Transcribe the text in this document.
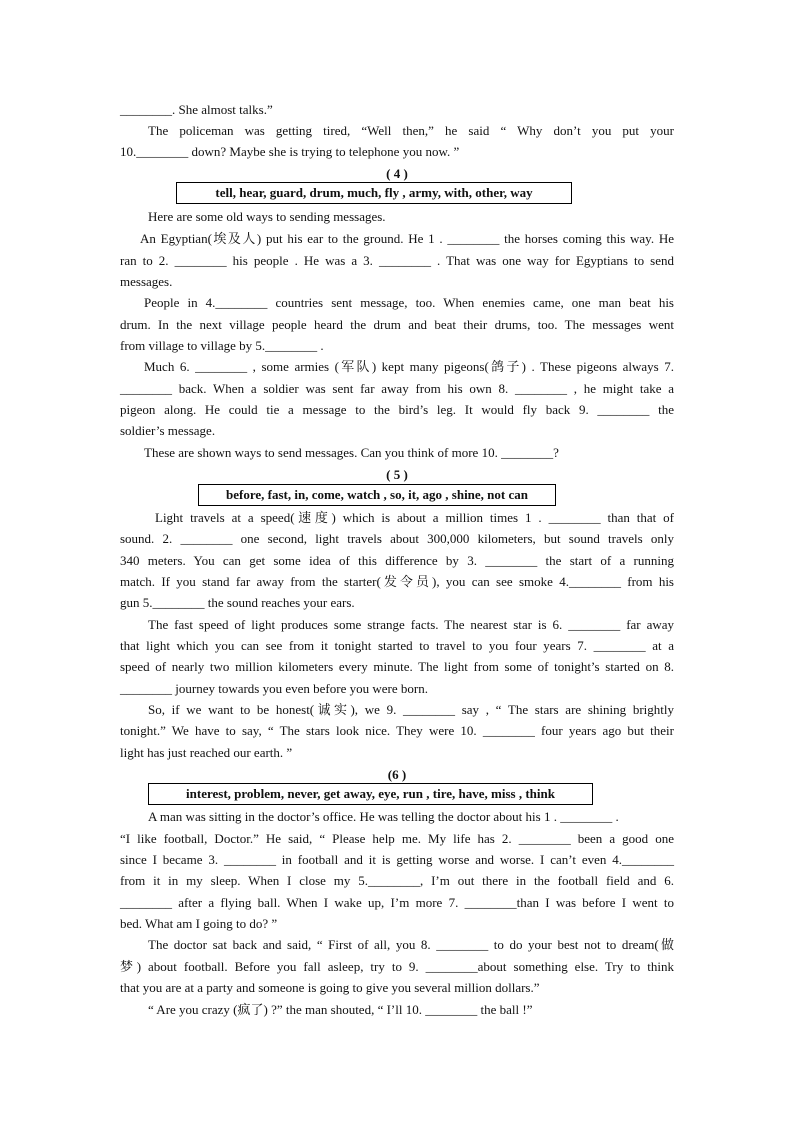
________. She almost talks.”
The policeman was getting tired, “Well then,” he said “ Why don’t you put your
10.________ down? Maybe she is trying to telephone you now. ”
( 4 )
tell, hear, guard, drum, much, fly , army, with, other, way
Here are some old ways to sending messages.
An Egyptian(埃及人) put his ear to the ground. He 1 . ________ the horses coming this way. He
ran to 2. ________ his people . He was a 3. ________ . That was one way for Egyptians to send
messages.
People in 4.________ countries sent message, too. When enemies came, one man beat his
drum. In the next village people heard the drum and beat their drums, too. The messages went
from village to village by 5.________ .
Much 6. ________ , some armies (军队) kept many pigeons(鸽子) . These pigeons always 7.
________ back. When a soldier was sent far away from his own 8. ________ , he might take a
pigeon along. He could tie a message to the bird’s leg. It would fly back 9. ________ the
soldier’s message.
These are shown ways to send messages. Can you think of more 10. ________?
( 5 )
before, fast, in, come, watch , so, it, ago , shine, not can
Light travels at a speed(速度) which is about a million times 1 . ________ than that of
sound. 2. ________ one second, light travels about 300,000 kilometers, but sound travels only
340 meters. You can get some idea of this difference by 3. ________ the start of a running
match. If you stand far away from the starter(发令员), you can see smoke 4.________ from his
gun 5.________ the sound reaches your ears.
The fast speed of light produces some strange facts. The nearest star is 6. ________ far away
that light which you can see from it tonight started to travel to you four years 7. ________ at a
speed of nearly two million kilometers every minute. The light from some of tonight’s started on 8.
________ journey towards you even before you were born.
So, if we want to be honest(诚实), we 9. ________ say , “ The stars are shining brightly
tonight.” We have to say, “ The stars look nice. They were 10. ________ four years ago but their
light has just reached our earth. ”
(6 )
interest, problem, never, get away, eye, run , tire, have, miss , think
A man was sitting in the doctor’s office. He was telling the doctor about his 1 . ________ .
“I like football, Doctor.” He said, “ Please help me. My life has 2. ________ been a good one
since I became 3. ________ in football and it is getting worse and worse. I can’t even 4.________
from it in my sleep. When I close my 5.________, I’m out there in the football field and 6.
________ after a flying ball. When I wake up, I’m more 7. ________than I was before I went to
bed. What am I going to do? ”
The doctor sat back and said, “ First of all, you 8. ________ to do your best not to dream(做
梦) about football. Before you fall asleep, try to 9. ________about something else. Try to think
that you are at a party and someone is going to give you several million dollars.”
“ Are you crazy (疯了) ?” the man shouted, “ I’ll 10. ________ the ball !”
